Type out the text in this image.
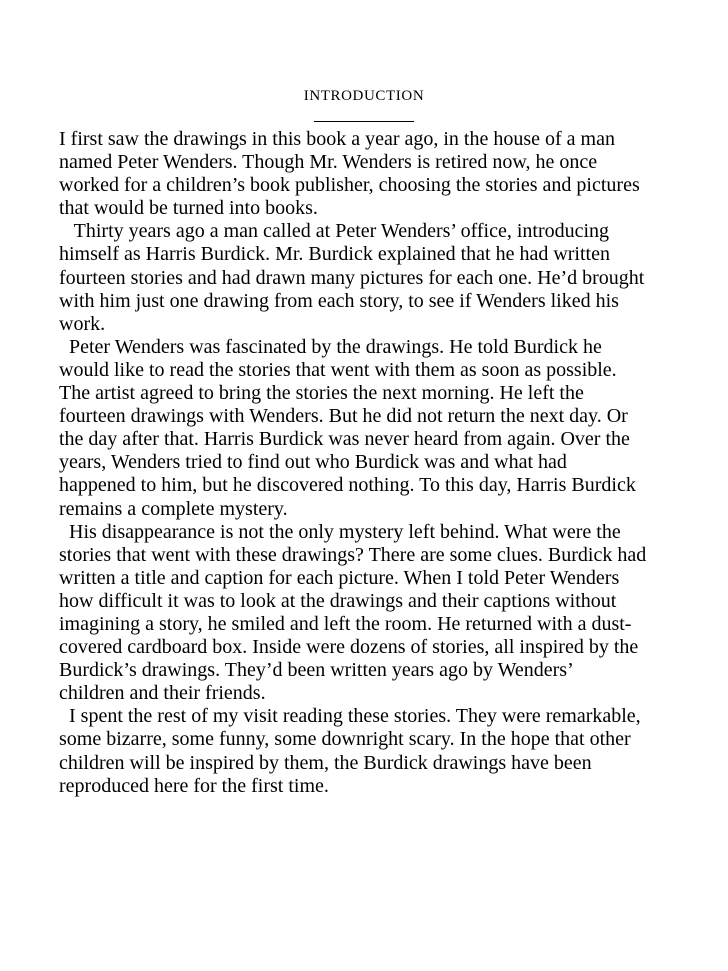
INTRODUCTION
I first saw the drawings in this book a year ago, in the house of a man
named Peter Wenders. Though Mr. Wenders is retired now, he once
worked for a children’s book publisher, choosing the stories and pictures
that would be turned into books.
Thirty years ago a man called at Peter Wenders’ office, introducing
himself as Harris Burdick. Mr. Burdick explained that he had written
fourteen stories and had drawn many pictures for each one. He’d brought
with him just one drawing from each story, to see if Wenders liked his
work.
Peter Wenders was fascinated by the drawings. He told Burdick he
would like to read the stories that went with them as soon as possible.
The artist agreed to bring the stories the next morning. He left the
fourteen drawings with Wenders. But he did not return the next day. Or
the day after that. Harris Burdick was never heard from again. Over the
years, Wenders tried to find out who Burdick was and what had
happened to him, but he discovered nothing. To this day, Harris Burdick
remains a complete mystery.
His disappearance is not the only mystery left behind. What were the
stories that went with these drawings? There are some clues. Burdick had
written a title and caption for each picture. When I told Peter Wenders
how difficult it was to look at the drawings and their captions without
imagining a story, he smiled and left the room. He returned with a dust-
covered cardboard box. Inside were dozens of stories, all inspired by the
Burdick’s drawings. They’d been written years ago by Wenders’
children and their friends.
I spent the rest of my visit reading these stories. They were remarkable,
some bizarre, some funny, some downright scary. In the hope that other
children will be inspired by them, the Burdick drawings have been
reproduced here for the first time.
